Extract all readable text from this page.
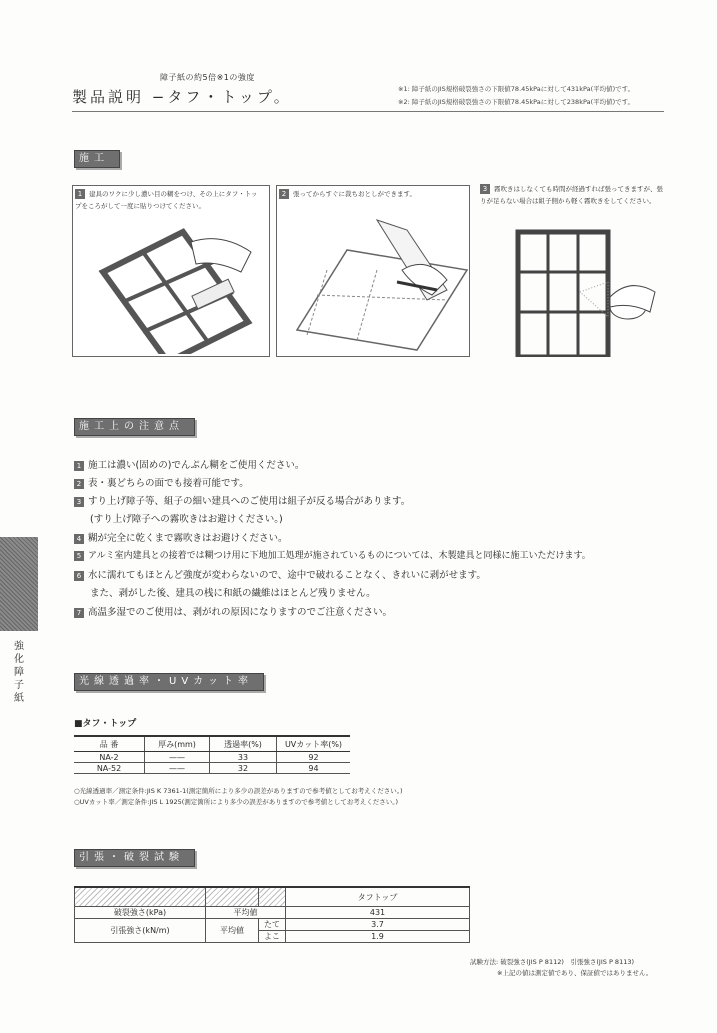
障子紙の約5倍※1の強度
製品説明 −タフ・トップ。	※1: 障子紙のJIS規格破裂強さの下限値78.45kPaに対して431kPa(平均値)です。
※2: 障子紙のJIS規格破裂強さの下限値78.45kPaに対して238kPa(平均値)です。
施工
1 建具のワクに少し濃い目の糊をつけ、その上にタフ・トップをころがして一度に貼りつけてください。
2 張ってからすぐに裁ちおとしができます。
3 霧吹きはしなくても時間が経過すれば張ってきますが、張りが足らない場合は組子側から軽く霧吹きをしてください。
施工上の注意点
1 施工は濃い(固めの)でんぷん糊をご使用ください。
2 表・裏どちらの面でも接着可能です。
3 すり上げ障子等、組子の細い建具へのご使用は組子が反る場合があります。
(すり上げ障子への霧吹きはお避けください。)
4 糊が完全に乾くまで霧吹きはお避けください。
5 アルミ室内建具との接着では糊つけ用に下地加工処理が施されているものについては、木製建具と同様に施工いただけます。
6 水に濡れてもほとんど強度が変わらないので、途中で破れることなく、きれいに剥がせます。
また、剥がした後、建具の桟に和紙の繊維はほとんど残りません。
7 高温多湿でのご使用は、剥がれの原因になりますのでご注意ください。
強化障子紙
光線透過率・UVカット率
■タフ・トップ
品 番	厚み(mm)	透過率(%)	UVカット率(%)
NA-2	——	33	92
NA-52	——	32	94
○光線透過率／測定条件:JIS K 7361-1(測定箇所により多少の誤差がありますので参考値としてお考えください。)
○UVカット率／測定条件:JIS L 1925(測定箇所により多少の誤差がありますので参考値としてお考えください。)
引張・破裂試験
			タフトップ
破裂強さ(kPa)	平均値		431
引張強さ(kN/m)	平均値	たて	3.7
		よこ	1.9
試験方法: 破裂強さ(JIS P 8112)　引張強さ(JIS P 8113)
※上記の値は測定値であり、保証値ではありません。
